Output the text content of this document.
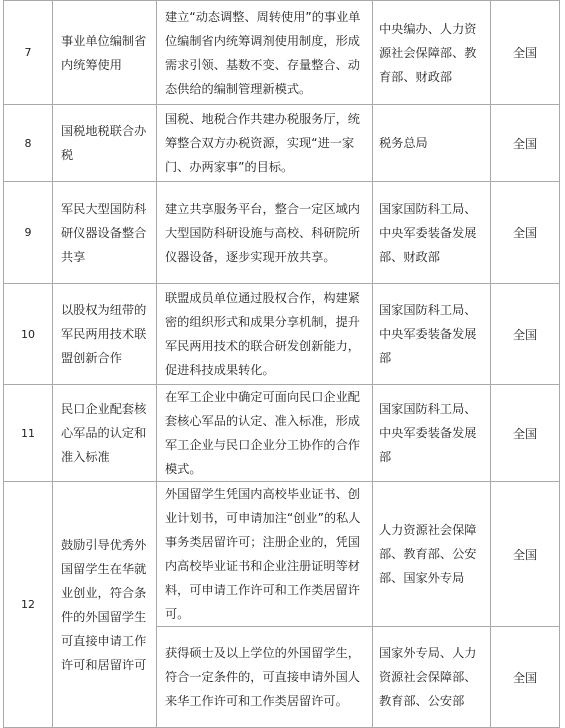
7	事业单位编制省内统筹使用	建立“动态调整、周转使用”的事业单位编制省内统筹调剂使用制度，形成需求引领、基数不变、存量整合、动态供给的编制管理新模式。	中央编办、人力资源社会保障部、教育部、财政部	全国
8	国税地税联合办税	国税、地税合作共建办税服务厅，统筹整合双方办税资源，实现“进一家门、办两家事”的目标。	税务总局	全国
9	军民大型国防科研仪器设备整合共享	建立共享服务平台，整合一定区域内大型国防科研设施与高校、科研院所仪器设备，逐步实现开放共享。	国家国防科工局、中央军委装备发展部、财政部	全国
10	以股权为纽带的军民两用技术联盟创新合作	联盟成员单位通过股权合作，构建紧密的组织形式和成果分享机制，提升军民两用技术的联合研发创新能力，促进科技成果转化。	国家国防科工局、中央军委装备发展部	全国
11	民口企业配套核心军品的认定和准入标准	在军工企业中确定可面向民口企业配套核心军品的认定、准入标准，形成军工企业与民口企业分工协作的合作模式。	国家国防科工局、中央军委装备发展部	全国
12	鼓励引导优秀外国留学生在华就业创业，符合条件的外国留学生可直接申请工作许可和居留许可	外国留学生凭国内高校毕业证书、创业计划书，可申请加注“创业”的私人事务类居留许可；注册企业的，凭国内高校毕业证书和企业注册证明等材料，可申请工作许可和工作类居留许可。	人力资源社会保障部、教育部、公安部、国家外专局	全国
		获得硕士及以上学位的外国留学生，符合一定条件的，可直接申请外国人来华工作许可和工作类居留许可。	国家外专局、人力资源社会保障部、教育部、公安部	全国
